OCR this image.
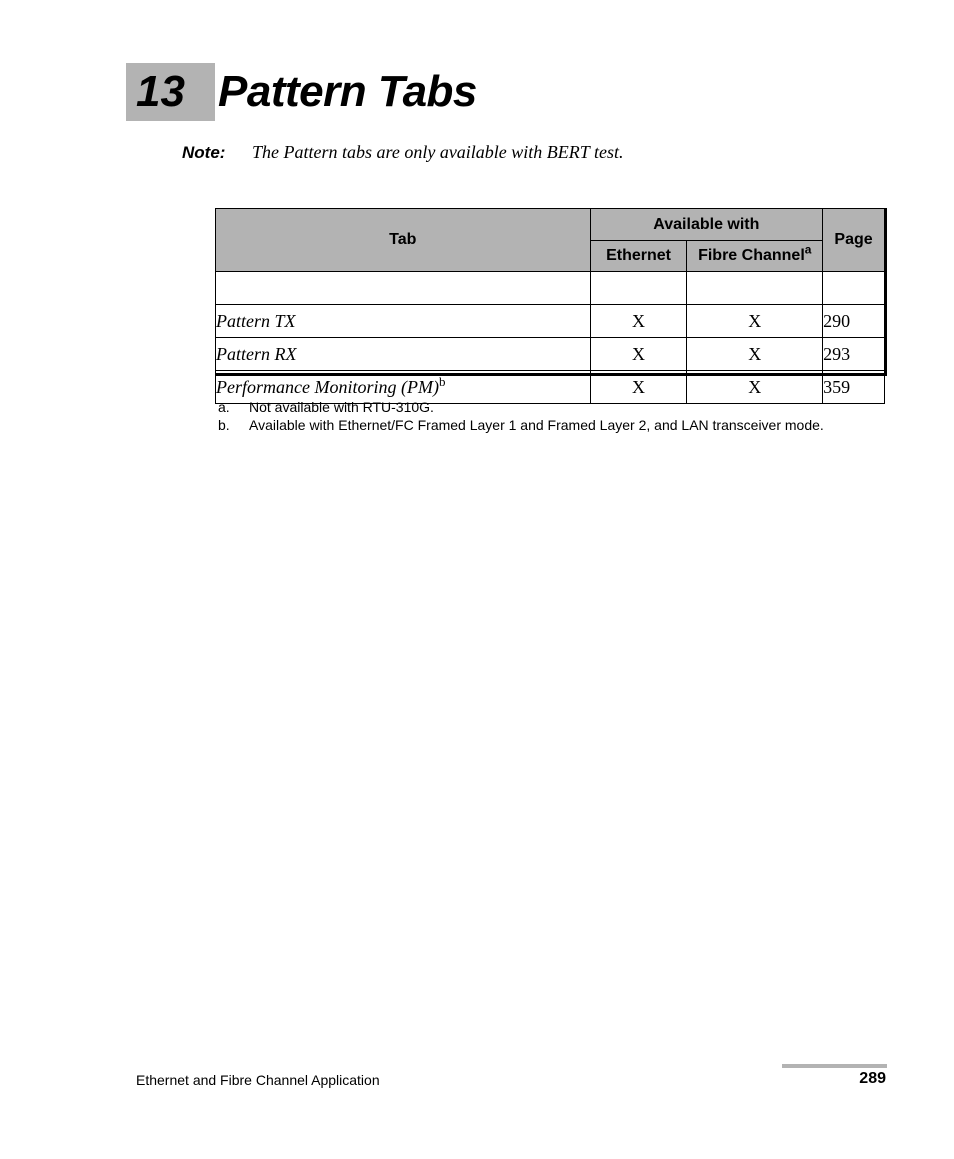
13 Pattern Tabs
Note: The Pattern tabs are only available with BERT test.
Tab	Available with		Page
	Ethernet	Fibre Channel$^a$

Pattern TX	X	X	290
Pattern RX	X	X	293
Performance Monitoring (PM)$^b$	X	X	359
a. Not available with RTU-310G.
b. Available with Ethernet/FC Framed Layer 1 and Framed Layer 2, and LAN transceiver mode.
Ethernet and Fibre Channel Application	289
